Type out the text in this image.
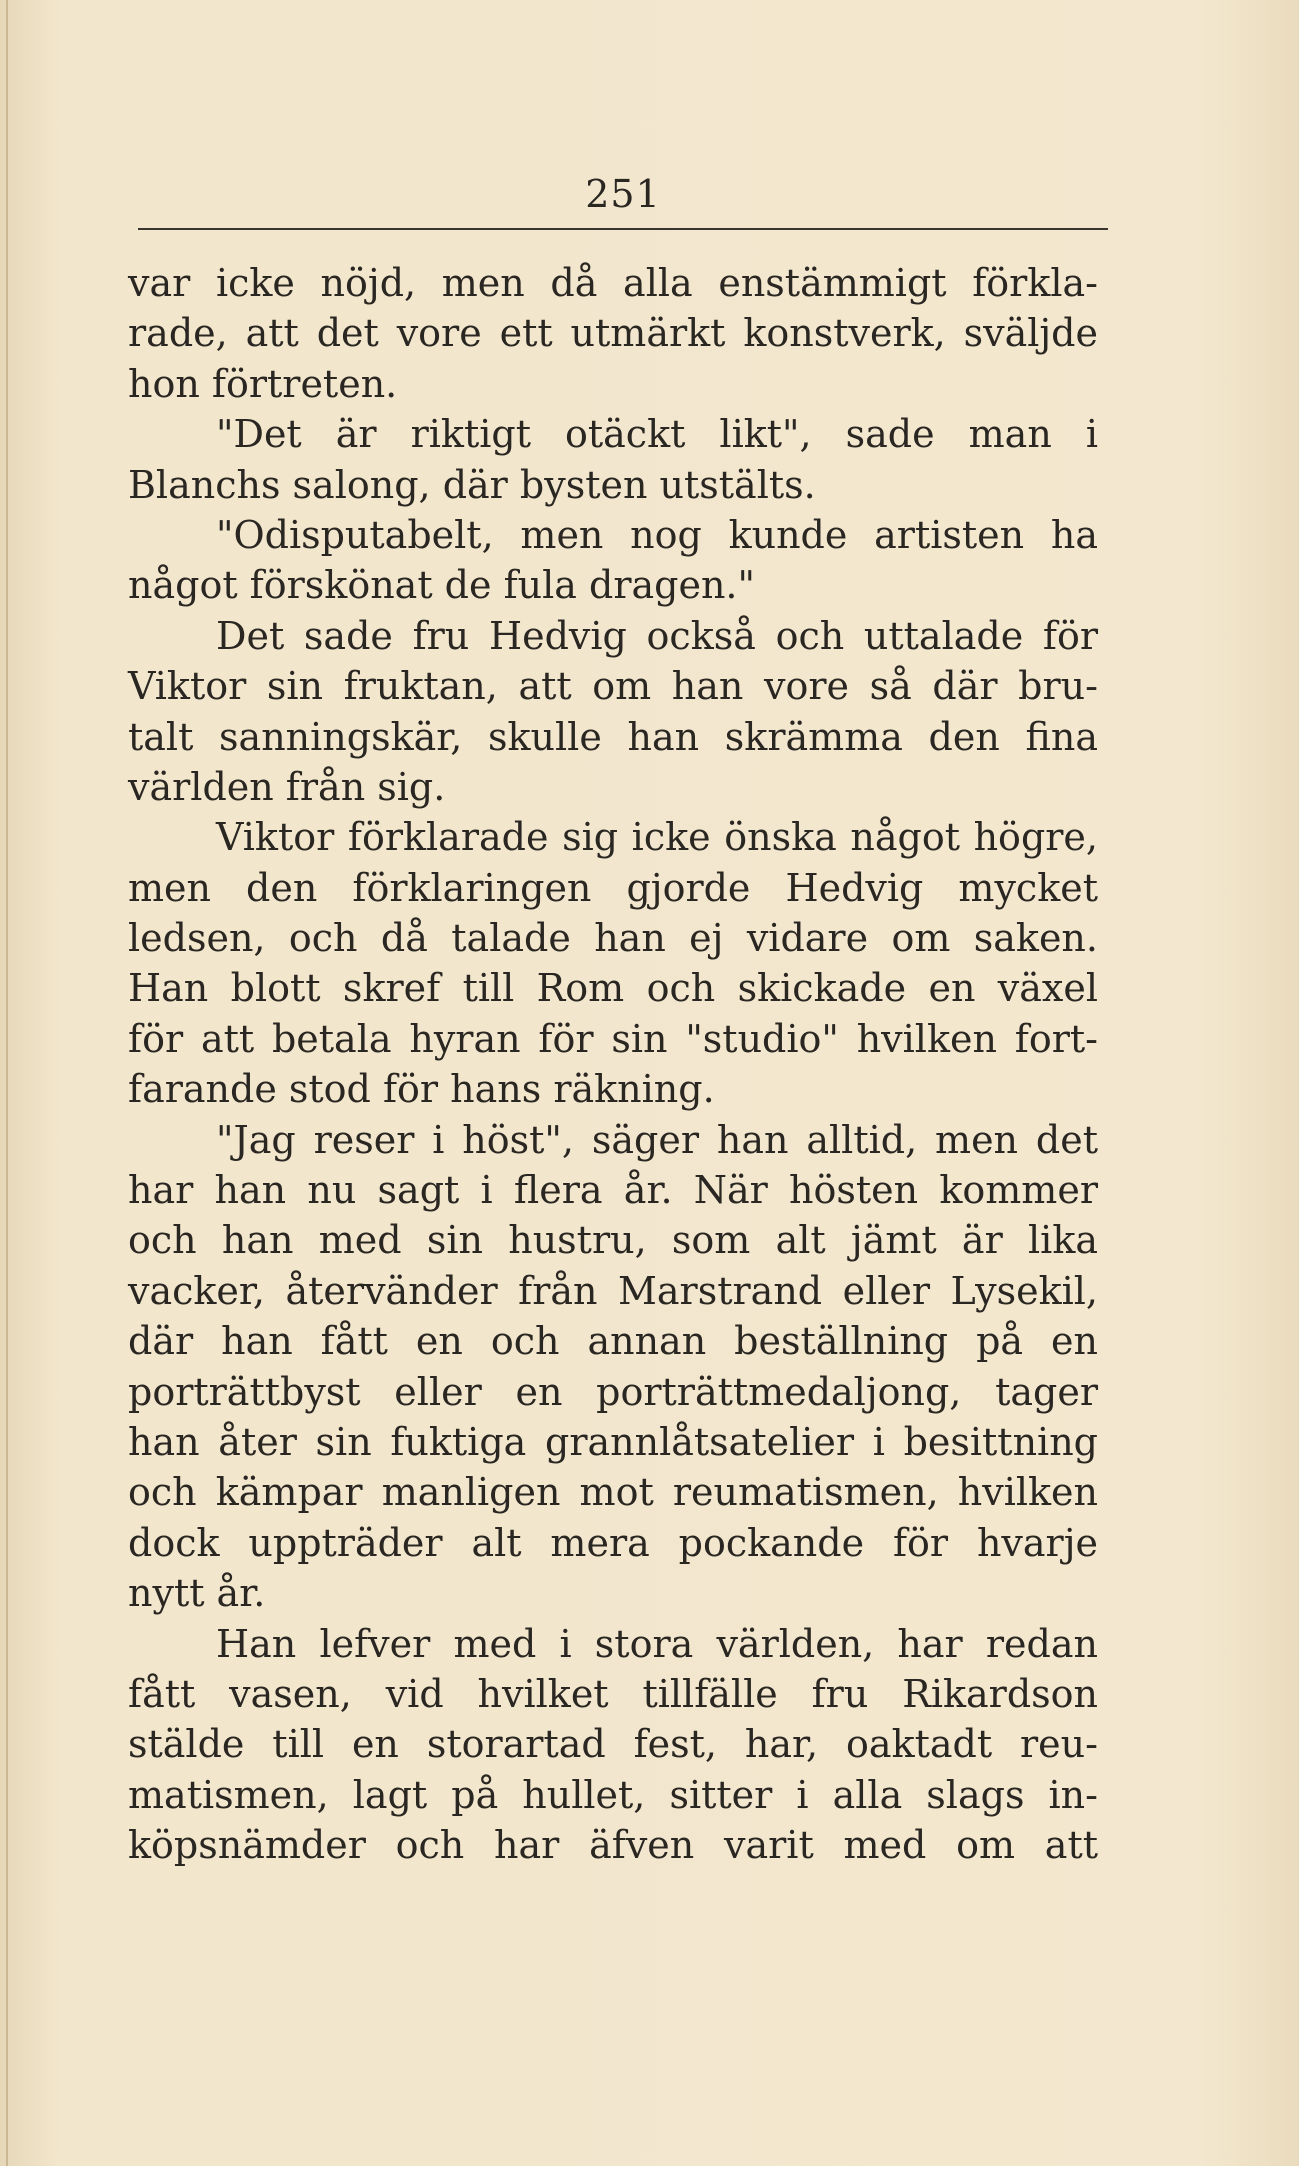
251
var icke nöjd, men då alla enstämmigt förkla-
rade, att det vore ett utmärkt konstverk, sväljde
hon förtreten.
"Det är riktigt otäckt likt", sade man i
Blanchs salong, där bysten utstälts.
"Odisputabelt, men nog kunde artisten ha
något förskönat de fula dragen."
Det sade fru Hedvig också och uttalade för
Viktor sin fruktan, att om han vore så där bru-
talt sanningskär, skulle han skrämma den fina
världen från sig.
Viktor förklarade sig icke önska något högre,
men den förklaringen gjorde Hedvig mycket
ledsen, och då talade han ej vidare om saken.
Han blott skref till Rom och skickade en växel
för att betala hyran för sin "studio" hvilken fort-
farande stod för hans räkning.
"Jag reser i höst", säger han alltid, men det
har han nu sagt i flera år. När hösten kommer
och han med sin hustru, som alt jämt är lika
vacker, återvänder från Marstrand eller Lysekil,
där han fått en och annan beställning på en
porträttbyst eller en porträttmedaljong, tager
han åter sin fuktiga grannlåtsatelier i besittning
och kämpar manligen mot reumatismen, hvilken
dock uppträder alt mera pockande för hvarje
nytt år.
Han lefver med i stora världen, har redan
fått vasen, vid hvilket tillfälle fru Rikardson
stälde till en storartad fest, har, oaktadt reu-
matismen, lagt på hullet, sitter i alla slags in-
köpsnämder och har äfven varit med om att
